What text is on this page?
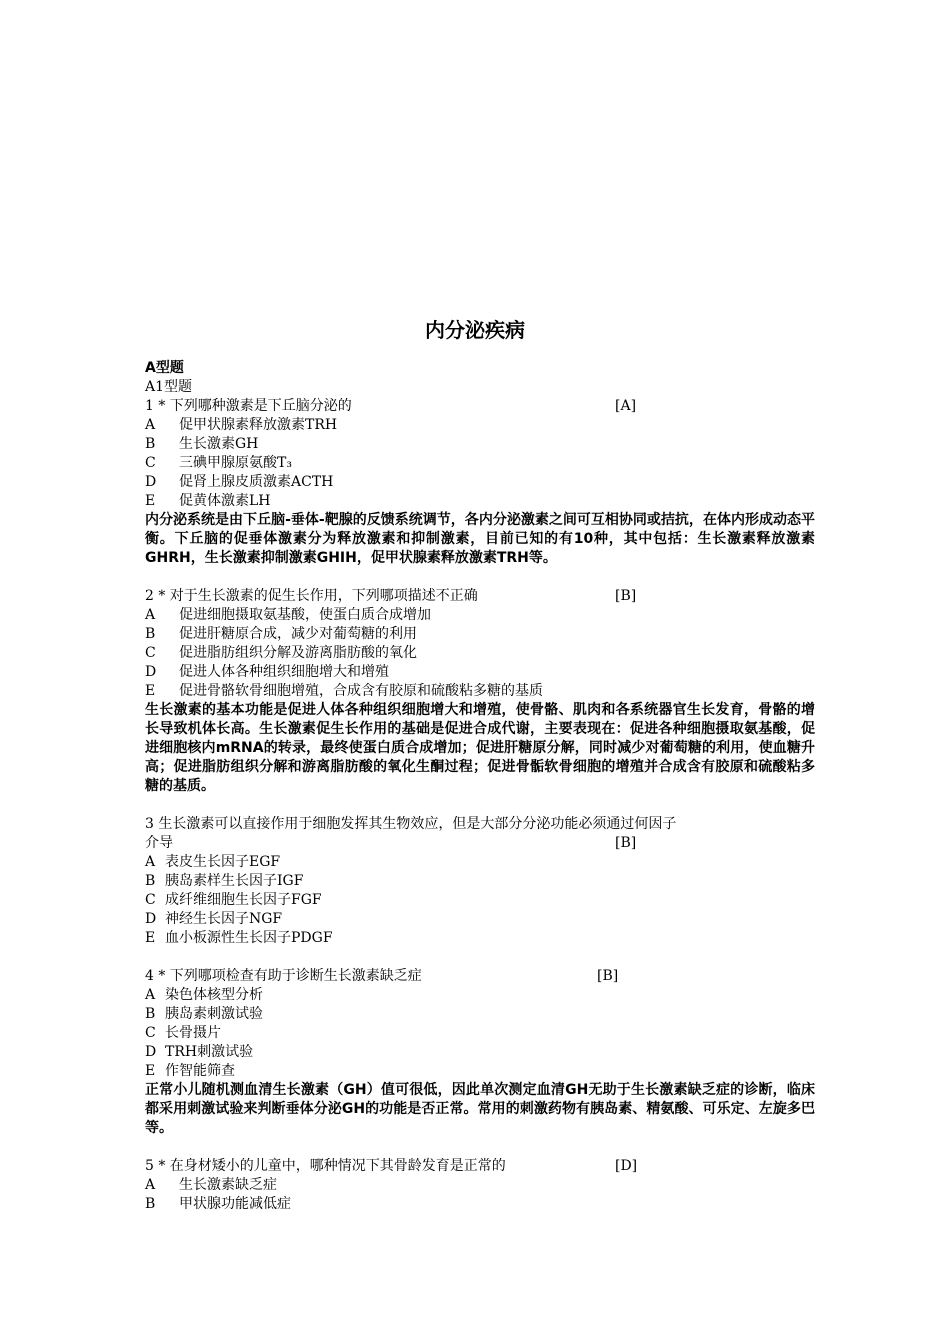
内分泌疾病
A型题
A1型题
1 * 下列哪种激素是下丘脑分泌的	[A]
A	促甲状腺素释放激素TRH
B	生长激素GH
C	三碘甲腺原氨酸T₃
D	促肾上腺皮质激素ACTH
E	促黄体激素LH
内分泌系统是由下丘脑-垂体-靶腺的反馈系统调节，各内分泌激素之间可互相协同或拮抗，在体内形成动态平衡。下丘脑的促垂体激素分为释放激素和抑制激素，目前已知的有10种，其中包括：生长激素释放激素GHRH，生长激素抑制激素GHIH，促甲状腺素释放激素TRH等。
2 * 对于生长激素的促生长作用，下列哪项描述不正确	[B]
A	促进细胞摄取氨基酸，使蛋白质合成增加
B	促进肝糖原合成，减少对葡萄糖的利用
C	促进脂肪组织分解及游离脂肪酸的氧化
D	促进人体各种组织细胞增大和增殖
E	促进骨骼软骨细胞增殖，合成含有胶原和硫酸粘多糖的基质
生长激素的基本功能是促进人体各种组织细胞增大和增殖，使骨骼、肌肉和各系统器官生长发育，骨骼的增长导致机体长高。生长激素促生长作用的基础是促进合成代谢，主要表现在：促进各种细胞摄取氨基酸，促进细胞核内mRNA的转录，最终使蛋白质合成增加；促进肝糖原分解，同时减少对葡萄糖的利用，使血糖升高；促进脂肪组织分解和游离脂肪酸的氧化生酮过程；促进骨骺软骨细胞的增殖并合成含有胶原和硫酸粘多糖的基质。
3 生长激素可以直接作用于细胞发挥其生物效应，但是大部分分泌功能必须通过何因子
介导	[B]
A 表皮生长因子EGF
B 胰岛素样生长因子IGF
C 成纤维细胞生长因子FGF
D 神经生长因子NGF
E 血小板源性生长因子PDGF
4 * 下列哪项检查有助于诊断生长激素缺乏症	[B]
A 染色体核型分析
B 胰岛素刺激试验
C 长骨摄片
D TRH刺激试验
E 作智能筛查
正常小儿随机测血清生长激素（GH）值可很低，因此单次测定血清GH无助于生长激素缺乏症的诊断，临床都采用刺激试验来判断垂体分泌GH的功能是否正常。常用的刺激药物有胰岛素、精氨酸、可乐定、左旋多巴等。
5 * 在身材矮小的儿童中，哪种情况下其骨龄发育是正常的	[D]
A	生长激素缺乏症
B	甲状腺功能减低症
